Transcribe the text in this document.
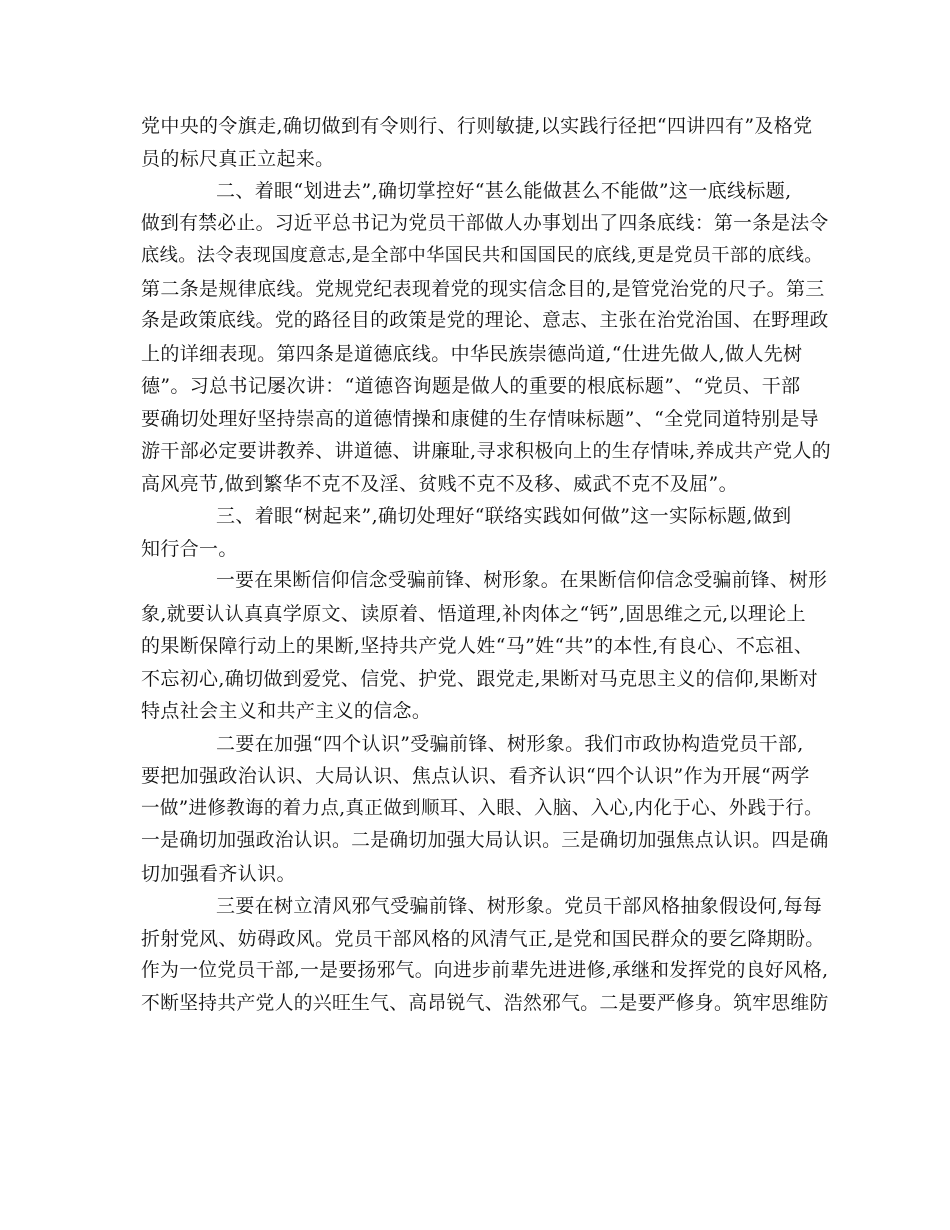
党中央的令旗走,确切做到有令则行、行则敏捷,以实践行径把“四讲四有”及格党
员的标尺真正立起来。
二、着眼“划进去”,确切掌控好“甚么能做甚么不能做”这一底线标题,
做到有禁必止。习近平总书记为党员干部做人办事划出了四条底线：第一条是法令
底线。法令表现国度意志,是全部中华国民共和国国民的底线,更是党员干部的底线。
第二条是规律底线。党规党纪表现着党的现实信念目的,是管党治党的尺子。第三
条是政策底线。党的路径目的政策是党的理论、意志、主张在治党治国、在野理政
上的详细表现。第四条是道德底线。中华民族崇德尚道,“仕进先做人,做人先树
德”。习总书记屡次讲：“道德咨询题是做人的重要的根底标题”、“党员、干部
要确切处理好坚持崇高的道德情操和康健的生存情味标题”、“全党同道特别是导
游干部必定要讲教养、讲道德、讲廉耻,寻求积极向上的生存情味,养成共产党人的
高风亮节,做到繁华不克不及淫、贫贱不克不及移、威武不克不及屈”。
三、着眼“树起来”,确切处理好“联络实践如何做”这一实际标题,做到
知行合一。
一要在果断信仰信念受骗前锋、树形象。在果断信仰信念受骗前锋、树形
象,就要认认真真学原文、读原着、悟道理,补肉体之“钙”,固思维之元,以理论上
的果断保障行动上的果断,坚持共产党人姓“马”姓“共”的本性,有良心、不忘祖、
不忘初心,确切做到爱党、信党、护党、跟党走,果断对马克思主义的信仰,果断对
特点社会主义和共产主义的信念。
二要在加强“四个认识”受骗前锋、树形象。我们市政协构造党员干部,
要把加强政治认识、大局认识、焦点认识、看齐认识“四个认识”作为开展“两学
一做”进修教诲的着力点,真正做到顺耳、入眼、入脑、入心,内化于心、外践于行。
一是确切加强政治认识。二是确切加强大局认识。三是确切加强焦点认识。四是确
切加强看齐认识。
三要在树立清风邪气受骗前锋、树形象。党员干部风格抽象假设何,每每
折射党风、妨碍政风。党员干部风格的风清气正,是党和国民群众的要乞降期盼。
作为一位党员干部,一是要扬邪气。向进步前辈先进进修,承继和发挥党的良好风格,
不断坚持共产党人的兴旺生气、高昂锐气、浩然邪气。二是要严修身。筑牢思维防
